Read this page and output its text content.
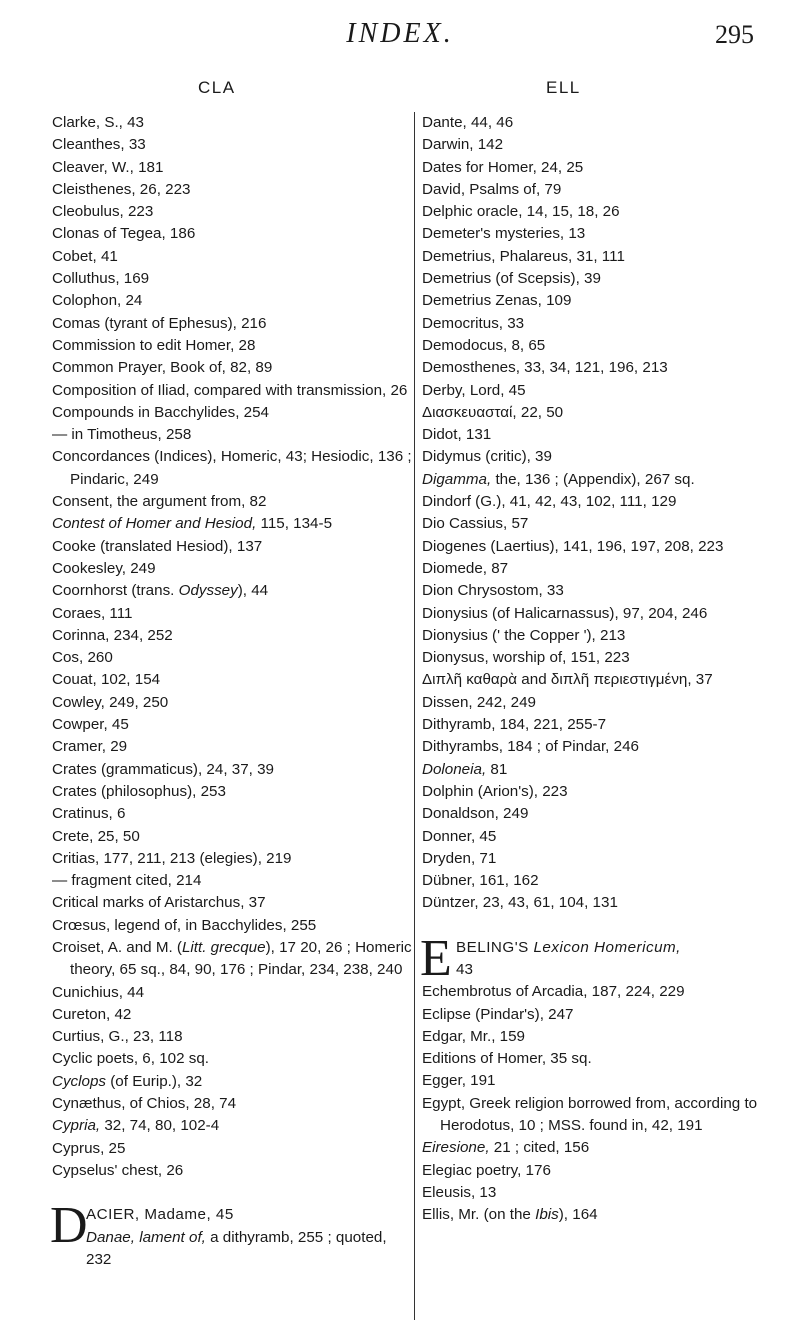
INDEX.	295
CLA	ELL
Clarke, S., 43
Cleanthes, 33
Cleaver, W., 181
Cleisthenes, 26, 223
Cleobulus, 223
Clonas of Tegea, 186
Cobet, 41
Colluthus, 169
Colophon, 24
Comas (tyrant of Ephesus), 216
Commission to edit Homer, 28
Common Prayer, Book of, 82, 89
Composition of Iliad, compared with transmission, 26
Compounds in Bacchylides, 254
— in Timotheus, 258
Concordances (Indices), Homeric, 43; Hesiodic, 136 ; Pindaric, 249
Consent, the argument from, 82
Contest of Homer and Hesiod, 115, 134-5
Cooke (translated Hesiod), 137
Cookesley, 249
Coornhorst (trans. Odyssey), 44
Coraes, 111
Corinna, 234, 252
Cos, 260
Couat, 102, 154
Cowley, 249, 250
Cowper, 45
Cramer, 29
Crates (grammaticus), 24, 37, 39
Crates (philosophus), 253
Cratinus, 6
Crete, 25, 50
Critias, 177, 211, 213 (elegies), 219
— fragment cited, 214
Critical marks of Aristarchus, 37
Crœsus, legend of, in Bacchylides, 255
Croiset, A. and M. (Litt. grecque), 17 20, 26 ; Homeric theory, 65 sq., 84, 90, 176 ; Pindar, 234, 238, 240
Cunichius, 44
Cureton, 42
Curtius, G., 23, 118
Cyclic poets, 6, 102 sq.
Cyclops (of Eurip.), 32
Cynæthus, of Chios, 28, 74
Cypria, 32, 74, 80, 102-4
Cyprus, 25
Cypselus' chest, 26
D
ACIER, Madame, 45
Danae, lament of, a dithyramb, 255 ; quoted, 232
Dante, 44, 46
Darwin, 142
Dates for Homer, 24, 25
David, Psalms of, 79
Delphic oracle, 14, 15, 18, 26
Demeter's mysteries, 13
Demetrius, Phalareus, 31, 111
Demetrius (of Scepsis), 39
Demetrius Zenas, 109
Democritus, 33
Demodocus, 8, 65
Demosthenes, 33, 34, 121, 196, 213
Derby, Lord, 45
Διασκευασταί, 22, 50
Didot, 131
Didymus (critic), 39
Digamma, the, 136 ; (Appendix), 267 sq.
Dindorf (G.), 41, 42, 43, 102, 111, 129
Dio Cassius, 57
Diogenes (Laertius), 141, 196, 197, 208, 223
Diomede, 87
Dion Chrysostom, 33
Dionysius (of Halicarnassus), 97, 204, 246
Dionysius (' the Copper '), 213
Dionysus, worship of, 151, 223
Διπλῆ καθαρὰ and διπλῆ περιεστιγμένη, 37
Dissen, 242, 249
Dithyramb, 184, 221, 255-7
Dithyrambs, 184 ; of Pindar, 246
Doloneia, 81
Dolphin (Arion's), 223
Donaldson, 249
Donner, 45
Dryden, 71
Dübner, 161, 162
Düntzer, 23, 43, 61, 104, 131
E BELING'S Lexicon Homericum,
43
Echembrotus of Arcadia, 187, 224, 229
Eclipse (Pindar's), 247
Edgar, Mr., 159
Editions of Homer, 35 sq.
Egger, 191
Egypt, Greek religion borrowed from, according to Herodotus, 10 ; MSS. found in, 42, 191
Eiresione, 21 ; cited, 156
Elegiac poetry, 176
Eleusis, 13
Ellis, Mr. (on the Ibis), 164
